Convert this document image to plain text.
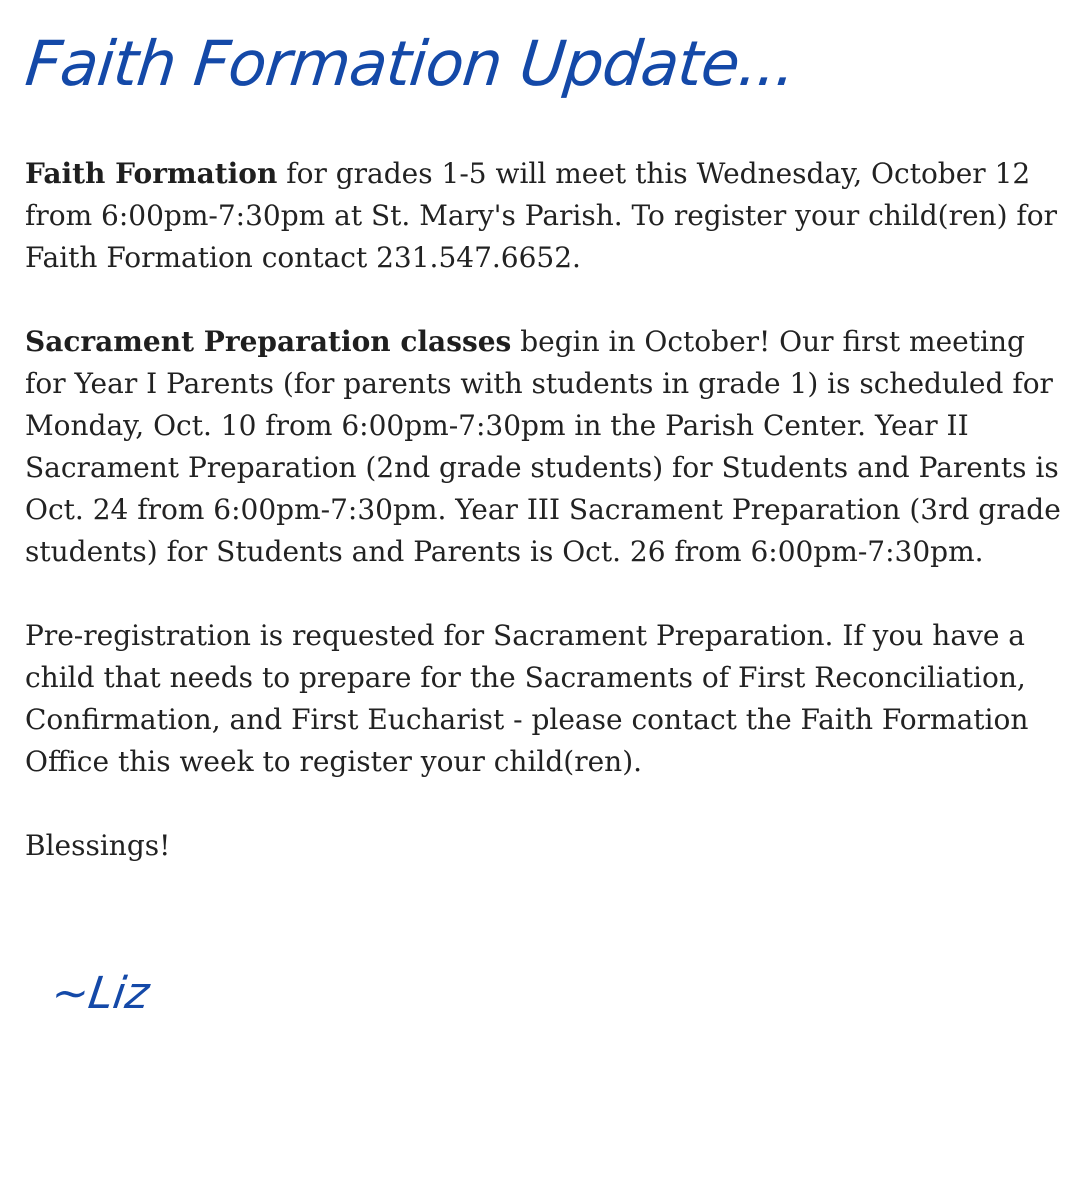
Faith Formation Update...

Faith Formation for grades 1-5 will meet this Wednesday, October 12 from 6:00pm-7:30pm at St. Mary's Parish. To register your child(ren) for Faith Formation contact 231.547.6652.

Sacrament Preparation classes begin in October! Our first meeting for Year I Parents (for parents with students in grade 1) is scheduled for Monday, Oct. 10 from 6:00pm-7:30pm in the Parish Center. Year II Sacrament Preparation (2nd grade students) for Students and Parents is Oct. 24 from 6:00pm-7:30pm. Year III Sacrament Preparation (3rd grade students) for Students and Parents is Oct. 26 from 6:00pm-7:30pm.

Pre-registration is requested for Sacrament Preparation. If you have a child that needs to prepare for the Sacraments of First Reconciliation, Confirmation, and First Eucharist - please contact the Faith Formation Office this week to register your child(ren).

Blessings!

~Liz
